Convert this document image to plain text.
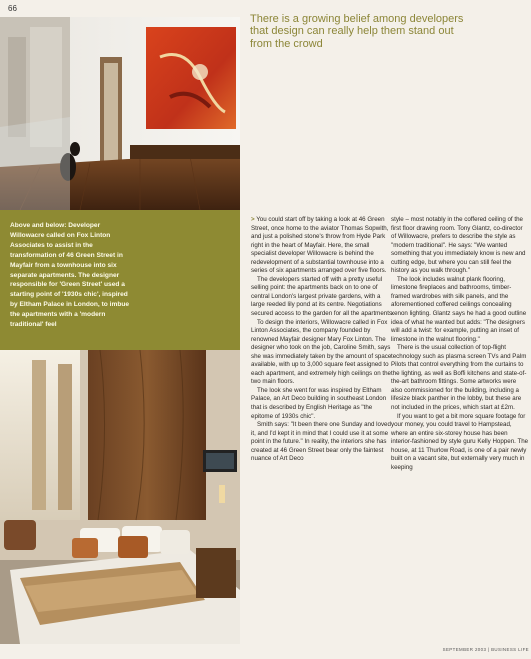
66

Above and below: Developer Willowacre called on Fox Linton Associates to assist in the transformation of 46 Green Street in Mayfair from a townhouse into six separate apartments. The designer responsible for 'Green Street' used a starting point of '1930s chic', inspired by Eltham Palace in London, to imbue the apartments with a 'modern traditional' feel

There is a growing belief among developers that design can really help them stand out from the crowd

> You could start off by taking a look at 46 Green Street, once home to the aviator Thomas Sopwith, and just a polished stone's throw from Hyde Park right in the heart of Mayfair. Here, the small specialist developer Willowacre is behind the redevelopment of a substantial townhouse into a series of six apartments arranged over five floors.

The developers started off with a pretty useful selling point: the apartments back on to one of central London's largest private gardens, with a large reeded lily pond at its centre. Negotiations secured access to the garden for all the apartments.

To design the interiors, Willowacre called in Fox Linton Associates, the company founded by renowned Mayfair designer Mary Fox Linton. The designer who took on the job, Caroline Smith, says she was immediately taken by the amount of space available, with up to 3,000 square feet assigned to each apartment, and extremely high ceilings on the two main floors.

The look she went for was inspired by Eltham Palace, an Art Deco building in southeast London that is described by English Heritage as "the epitome of 1930s chic".

Smith says: "It been there one Sunday and loved it, and I'd kept it in mind that I could use it at some point in the future." In reality, the interiors she has created at 46 Green Street bear only the faintest nuance of Art Deco

style – most notably in the coffered ceiling of the first floor drawing room. Tony Glantz, co-director of Willowacre, prefers to describe the style as "modern traditional". He says: "We wanted something that you immediately know is new and cutting edge, but where you can still feel the history as you walk through."

The look includes walnut plank flooring, limestone fireplaces and bathrooms, timber-framed wardrobes with silk panels, and the aforementioned coffered ceilings concealing xenon lighting. Glantz says he had a good outline idea of what he wanted but adds: "The designers will add a twist: for example, putting an inset of limestone in the walnut flooring."

There is the usual collection of top-flight technology such as plasma screen TVs and Palm Pilots that control everything from the curtains to the lighting, as well as Boffi kitchens and state-of-the-art bathroom fittings. Some artworks were also commissioned for the building, including a lifesize black panther in the lobby, but these are not included in the prices, which start at £2m.

If you want to get a bit more square footage for your money, you could travel to Hampstead, where an entire six-storey house has been interior-fashioned by style guru Kelly Hoppen. The house, at 11 Thurlow Road, is one of a pair newly built on a vacant site, but externally very much in keeping

SEPTEMBER 2003 | BUSINESS LIFE
